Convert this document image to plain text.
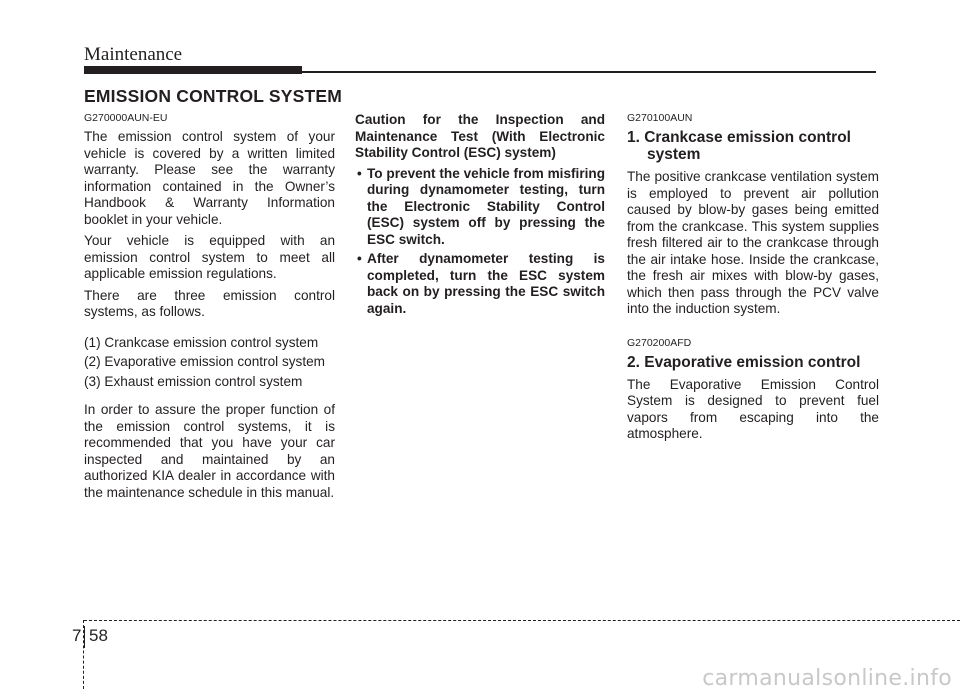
Maintenance
EMISSION CONTROL SYSTEM

G270000AUN-EU

The emission control system of your vehicle is covered by a written limited warranty. Please see the warranty information contained in the Owner’s Handbook & Warranty Information booklet in your vehicle.

Your vehicle is equipped with an emission control system to meet all applicable emission regulations.

There are three emission control systems, as follows.

(1) Crankcase emission control system

(2) Evaporative emission control system

(3) Exhaust emission control system

In order to assure the proper function of the emission control systems, it is recommended that you have your car inspected and maintained by an authorized KIA dealer in accordance with the maintenance schedule in this manual.

Caution for the Inspection and Maintenance Test (With Electronic Stability Control (ESC) system)

• To prevent the vehicle from misfiring during dynamometer testing, turn the Electronic Stability Control (ESC) system off by pressing the ESC switch.
• After dynamometer testing is completed, turn the ESC system back on by pressing the ESC switch again.

G270100AUN

1. Crankcase emission control
system

The positive crankcase ventilation system is employed to prevent air pollution caused by blow-by gases being emitted from the crankcase. This system supplies fresh filtered air to the crankcase through the air intake hose. Inside the crankcase, the fresh air mixes with blow-by gases, which then pass through the PCV valve into the induction system.

G270200AFD

2. Evaporative emission control

The Evaporative Emission Control System is designed to prevent fuel vapors from escaping into the atmosphere.

7 58
carmanualsonline.info
